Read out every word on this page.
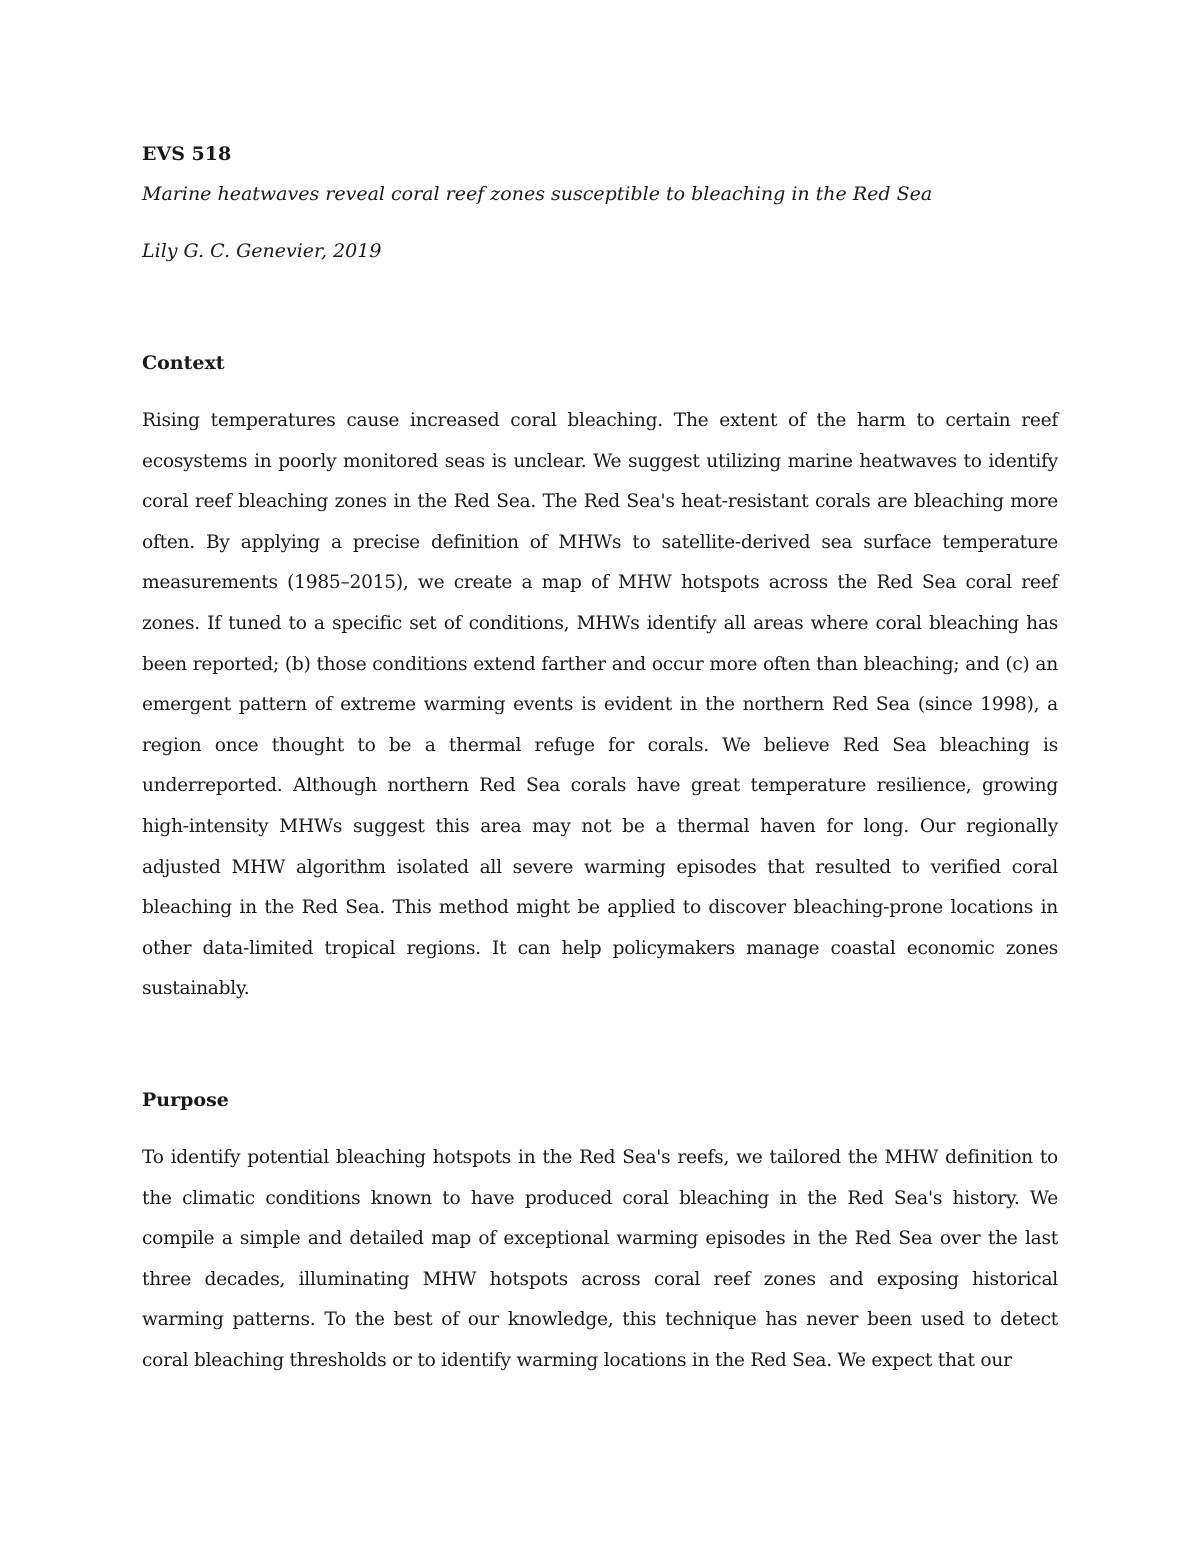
EVS 518

Marine heatwaves reveal coral reef zones susceptible to bleaching in the Red Sea

Lily G. C. Genevier, 2019

Context

Rising temperatures cause increased coral bleaching. The extent of the harm to certain reef ecosystems in poorly monitored seas is unclear. We suggest utilizing marine heatwaves to identify coral reef bleaching zones in the Red Sea. The Red Sea's heat-resistant corals are bleaching more often. By applying a precise definition of MHWs to satellite-derived sea surface temperature measurements (1985–2015), we create a map of MHW hotspots across the Red Sea coral reef zones. If tuned to a specific set of conditions, MHWs identify all areas where coral bleaching has been reported; (b) those conditions extend farther and occur more often than bleaching; and (c) an emergent pattern of extreme warming events is evident in the northern Red Sea (since 1998), a region once thought to be a thermal refuge for corals. We believe Red Sea bleaching is underreported. Although northern Red Sea corals have great temperature resilience, growing high-intensity MHWs suggest this area may not be a thermal haven for long. Our regionally adjusted MHW algorithm isolated all severe warming episodes that resulted to verified coral bleaching in the Red Sea. This method might be applied to discover bleaching-prone locations in other data-limited tropical regions. It can help policymakers manage coastal economic zones sustainably.

Purpose

To identify potential bleaching hotspots in the Red Sea's reefs, we tailored the MHW definition to the climatic conditions known to have produced coral bleaching in the Red Sea's history. We compile a simple and detailed map of exceptional warming episodes in the Red Sea over the last three decades, illuminating MHW hotspots across coral reef zones and exposing historical warming patterns. To the best of our knowledge, this technique has never been used to detect coral bleaching thresholds or to identify warming locations in the Red Sea. We expect that our
